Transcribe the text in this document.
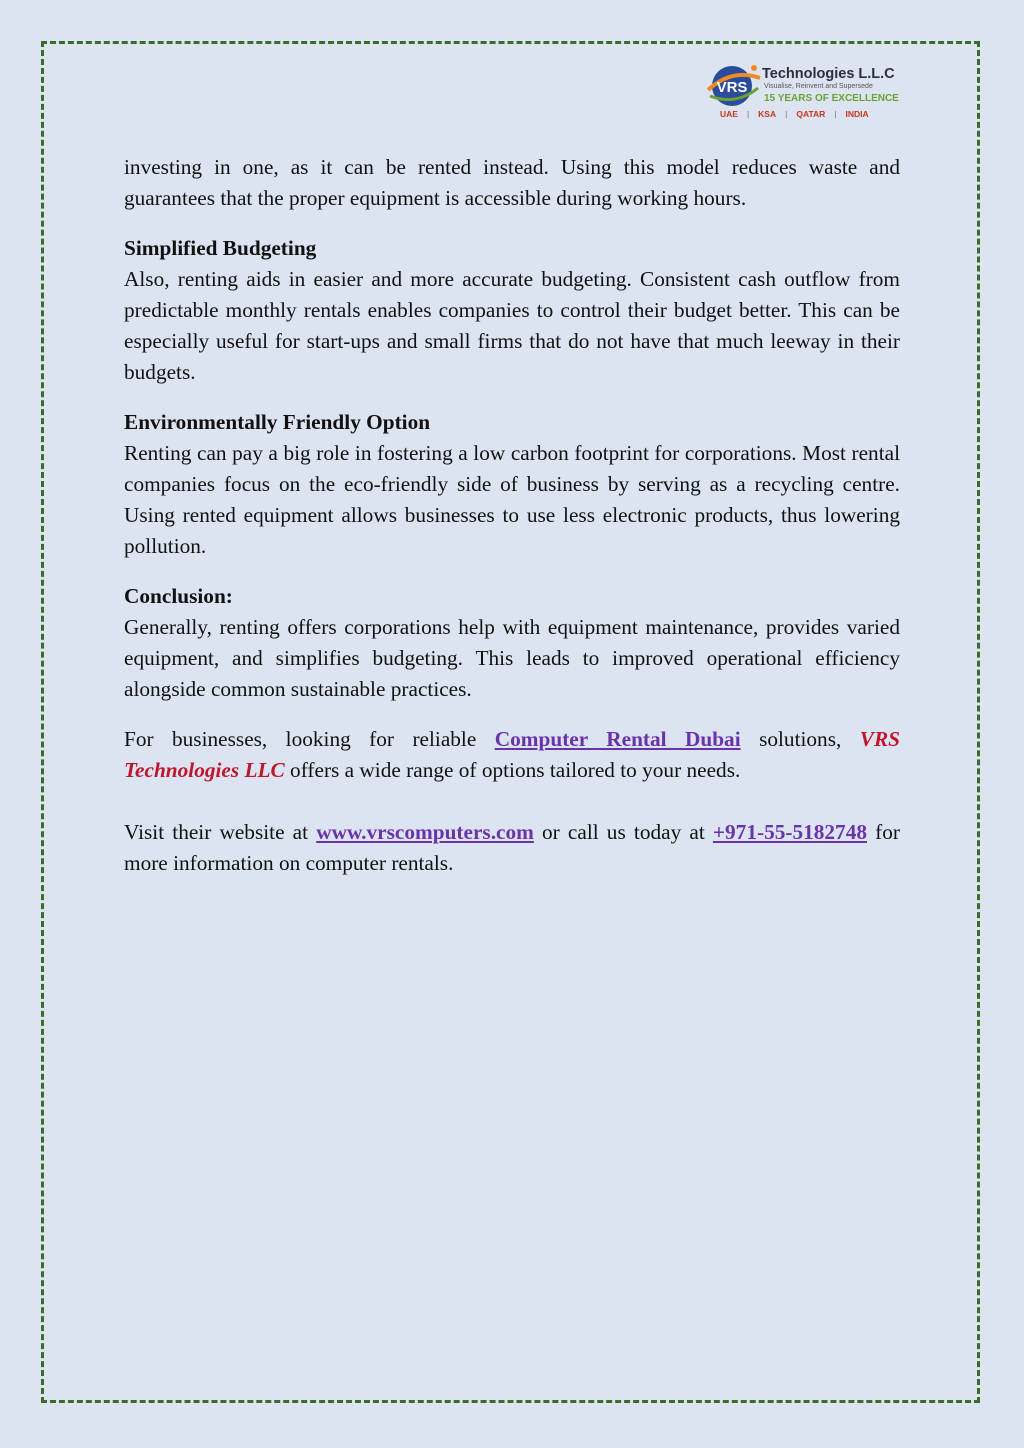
VRS
Technologies L.L.C
Visualise, Reinvent and Supersede
15 YEARS OF EXCELLENCE
UAE | KSA | QATAR | INDIA

investing in one, as it can be rented instead. Using this model reduces waste and guarantees that the proper equipment is accessible during working hours.

Simplified Budgeting

Also, renting aids in easier and more accurate budgeting. Consistent cash outflow from predictable monthly rentals enables companies to control their budget better. This can be especially useful for start-ups and small firms that do not have that much leeway in their budgets.

Environmentally Friendly Option

Renting can pay a big role in fostering a low carbon footprint for corporations. Most rental companies focus on the eco-friendly side of business by serving as a recycling centre. Using rented equipment allows businesses to use less electronic products, thus lowering pollution.

Conclusion:

Generally, renting offers corporations help with equipment maintenance, provides varied equipment, and simplifies budgeting. This leads to improved operational efficiency alongside common sustainable practices.

For businesses, looking for reliable Computer Rental Dubai solutions, VRS Technologies LLC offers a wide range of options tailored to your needs.

Visit their website at www.vrscomputers.com or call us today at +971-55-5182748 for more information on computer rentals.
